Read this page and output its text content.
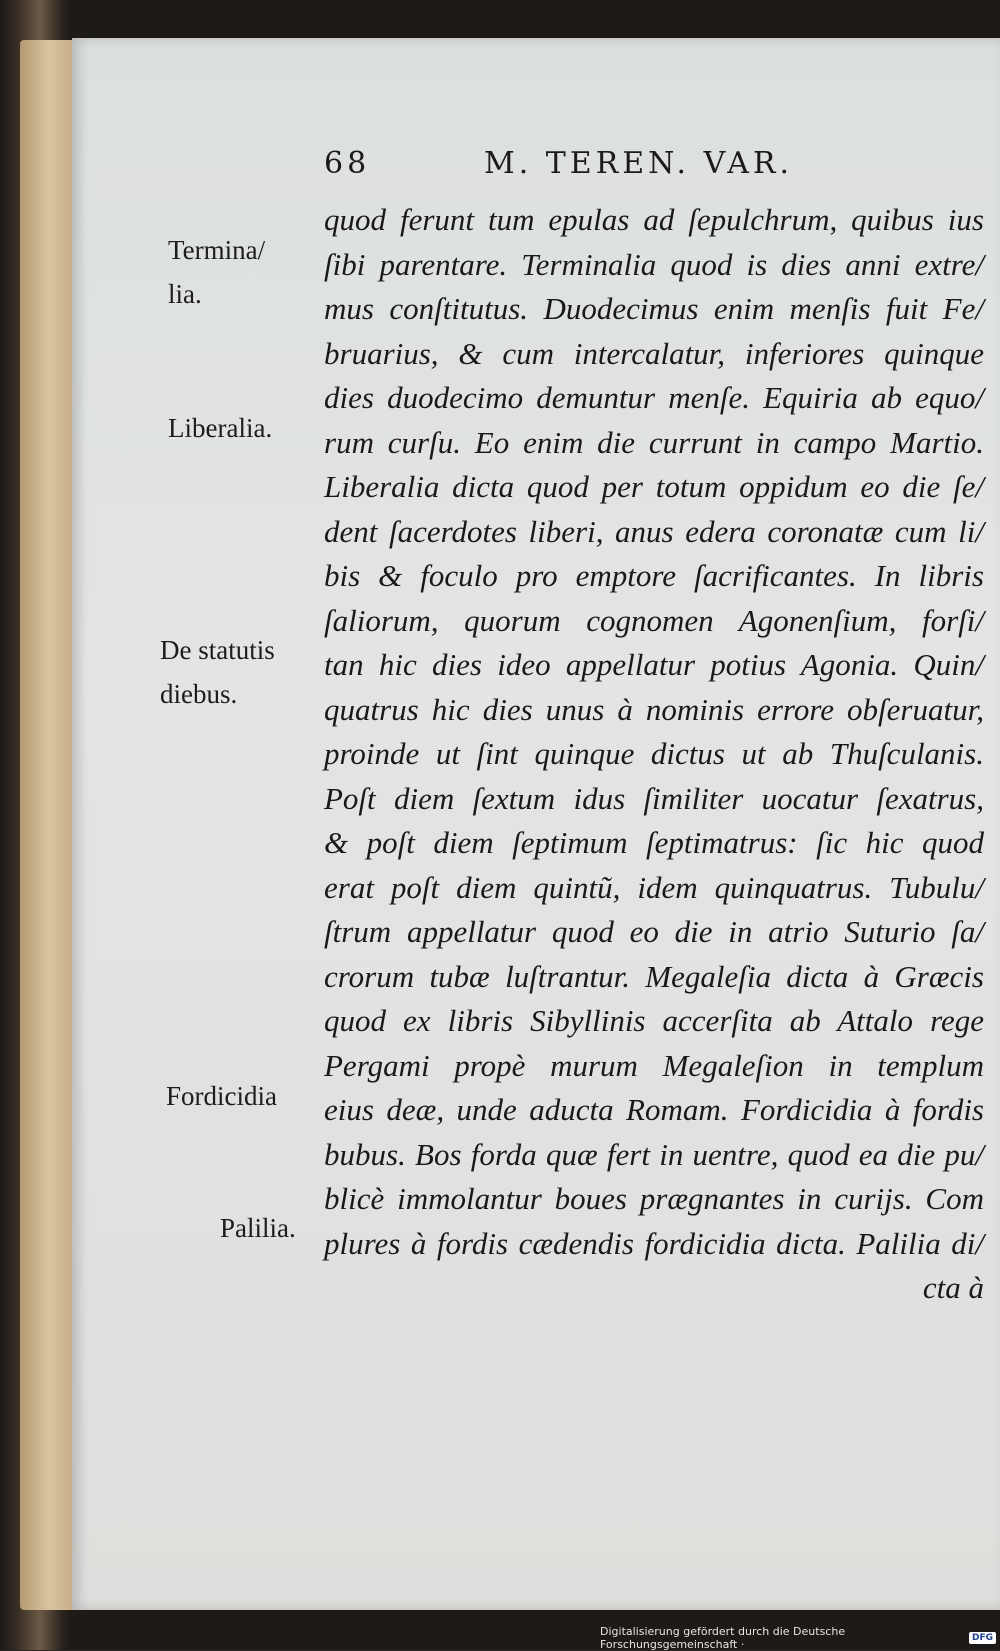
68	M. TEREN. VAR.
Termina/
lia.
Liberalia.
De statutis
diebus.
Fordicidia
Palilia.
quod ferunt tum epulas ad ſepulchrum, quibus ius
ſibi parentare. Terminalia quod is dies anni extre/
mus conſtitutus. Duodecimus enim menſis fuit Fe/
bruarius, & cum intercalatur, inferiores quinque
dies duodecimo demuntur menſe. Equiria ab equo/
rum curſu. Eo enim die currunt in campo Martio.
Liberalia dicta quod per totum oppidum eo die ſe/
dent ſacerdotes liberi, anus edera coronatæ cum li/
bis & foculo pro emptore ſacrificantes. In libris
ſaliorum, quorum cognomen Agonenſium, forſi/
tan hic dies ideo appellatur potius Agonia. Quin/
quatrus hic dies unus à nominis errore obſeruatur,
proinde ut ſint quinque dictus ut ab Thuſculanis.
Poſt diem ſextum idus ſimiliter uocatur ſexatrus,
& poſt diem ſeptimum ſeptimatrus: ſic hic quod
erat poſt diem quintũ, idem quinquatrus. Tubulu/
ſtrum appellatur quod eo die in atrio Suturio ſa/
crorum tubæ luſtrantur. Megaleſia dicta à Græcis
quod ex libris Sibyllinis accerſita ab Attalo rege
Pergami propè murum Megaleſion in templum
eius deæ, unde aducta Romam. Fordicidia à fordis
bubus. Bos forda quæ fert in uentre, quod ea die pu/
blicè immolantur boues prægnantes in curijs. Com
plures à fordis cædendis fordicidia dicta. Palilia di/
cta à
Digitalisierung gefördert durch die Deutsche Forschungsgemeinschaft ·	DFG
